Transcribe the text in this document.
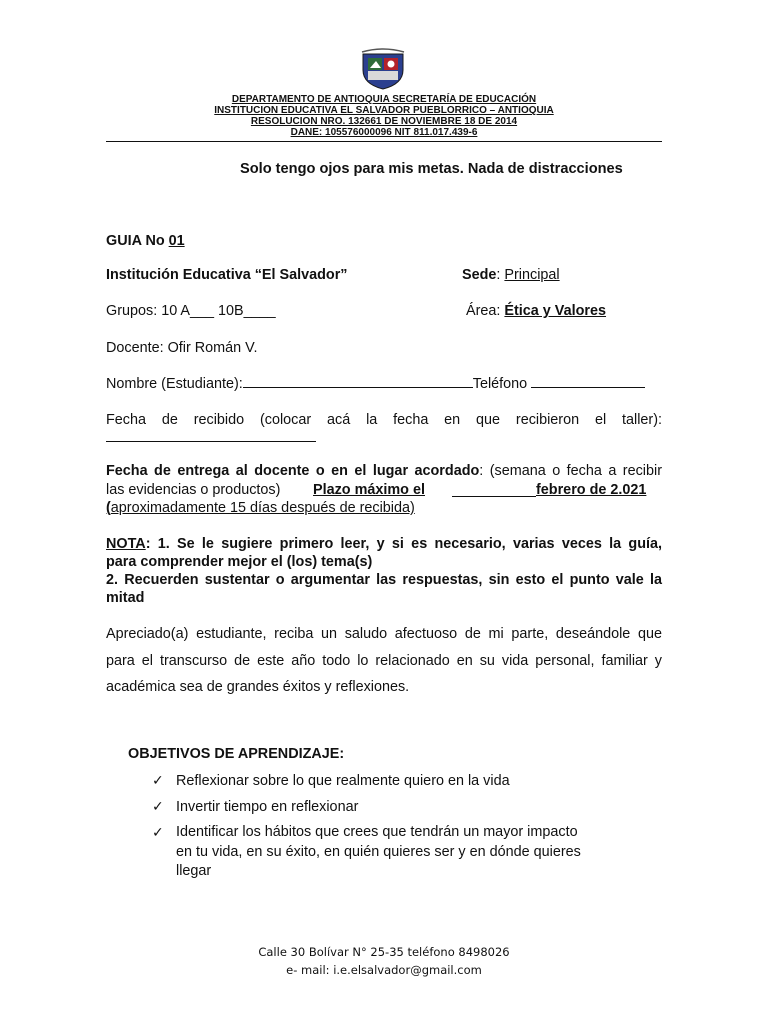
DEPARTAMENTO DE ANTIOQUIA SECRETARÍA DE EDUCACIÓN
INSTITUCION EDUCATIVA EL SALVADOR PUEBLORRICO – ANTIOQUIA
RESOLUCION NRO. 132661 DE NOVIEMBRE 18 DE 2014
DANE: 105576000096 NIT 811.017.439-6
Solo tengo ojos para mis metas. Nada de distracciones
GUIA No 01
Institución Educativa “El Salvador”	Sede: Principal
Grupos: 10 A___ 10B____	Área: Ética y Valores
Docente: Ofir Román V.
Nombre (Estudiante):	Teléfono
Fecha de recibido (colocar acá la fecha en que recibieron el taller):
Fecha de entrega al docente o en el lugar acordado: (semana o fecha a recibir
las evidencias o productos) Plazo máximo el	febrero de 2.021
(aproximadamente 15 días después de recibida)
NOTA: 1. Se le sugiere primero leer, y si es necesario, varias veces la guía,
para comprender mejor el (los) tema(s)
2. Recuerden sustentar o argumentar las respuestas, sin esto el punto vale la
mitad
Apreciado(a) estudiante, reciba un saludo afectuoso de mi parte, deseándole que
para el transcurso de este año todo lo relacionado en su vida personal, familiar y
académica sea de grandes éxitos y reflexiones.
OBJETIVOS DE APRENDIZAJE:
✓ Reflexionar sobre lo que realmente quiero en la vida
✓ Invertir tiempo en reflexionar
✓ Identificar los hábitos que crees que tendrán un mayor impacto
en tu vida, en su éxito, en quién quieres ser y en dónde quieres
llegar
Calle 30 Bolívar N° 25-35 teléfono 8498026
e- mail: i.e.elsalvador@gmail.com
